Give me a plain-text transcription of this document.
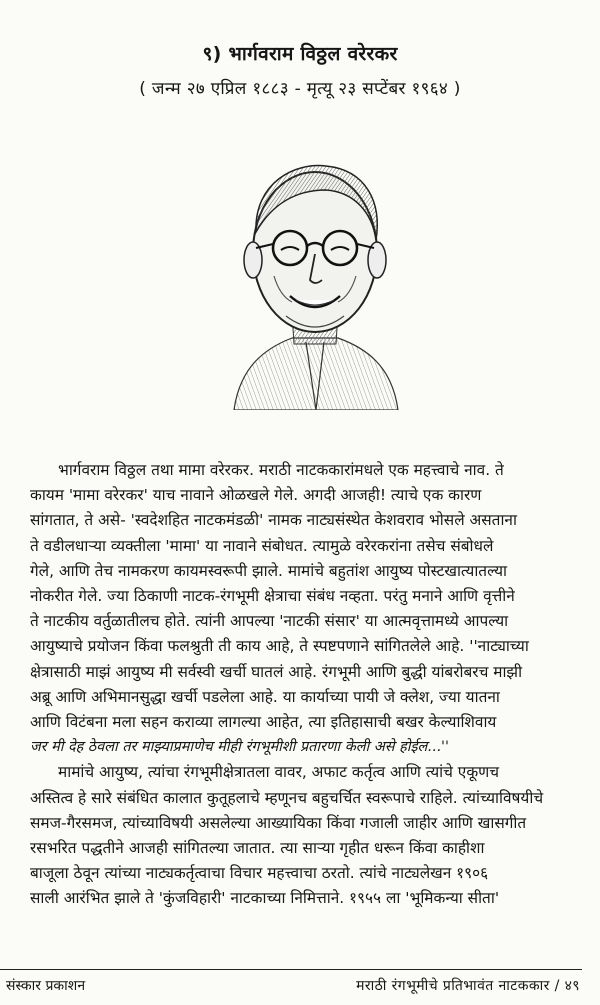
९) भार्गवराम विठ्ठल वरेरकर
( जन्म २७ एप्रिल १८८३ - मृत्यू २३ सप्टेंबर १९६४ )
भार्गवराम विठ्ठल तथा मामा वरेरकर. मराठी नाटककारांमधले एक महत्त्वाचे नाव. ते
कायम 'मामा वरेरकर' याच नावाने ओळखले गेले. अगदी आजही! त्याचे एक कारण
सांगतात, ते असे- 'स्वदेशहित नाटकमंडळी' नामक नाट्यसंस्थेत केशवराव भोसले असताना
ते वडीलधाऱ्या व्यक्तीला 'मामा' या नावाने संबोधत. त्यामुळे वरेरकरांना तसेच संबोधले
गेले, आणि तेच नामकरण कायमस्वरूपी झाले. मामांचे बहुतांश आयुष्य पोस्टखात्यातल्या
नोकरीत गेले. ज्या ठिकाणी नाटक-रंगभूमी क्षेत्राचा संबंध नव्हता. परंतु मनाने आणि वृत्तीने
ते नाटकीय वर्तुळातीलच होते. त्यांनी आपल्या 'नाटकी संसार' या आत्मवृत्तामध्ये आपल्या
आयुष्याचे प्रयोजन किंवा फलश्रुती ती काय आहे, ते स्पष्टपणाने सांगितलेले आहे. ''नाट्याच्या
क्षेत्रासाठी माझं आयुष्य मी सर्वस्वी खर्ची घातलं आहे. रंगभूमी आणि बुद्धी यांबरोबरच माझी
अब्रू आणि अभिमानसुद्धा खर्ची पडलेला आहे. या कार्याच्या पायी जे क्लेश, ज्या यातना
आणि विटंबना मला सहन कराव्या लागल्या आहेत, त्या इतिहासाची बखर केल्याशिवाय
जर मी देह ठेवला तर माझ्याप्रमाणेच मीही रंगभूमीशी प्रतारणा केली असे होईल...''
मामांचे आयुष्य, त्यांचा रंगभूमीक्षेत्रातला वावर, अफाट कर्तृत्व आणि त्यांचे एकूणच
अस्तित्व हे सारे संबंधित कालात कुतूहलाचे म्हणूनच बहुचर्चित स्वरूपाचे राहिले. त्यांच्याविषयीचे
समज-गैरसमज, त्यांच्याविषयी असलेल्या आख्यायिका किंवा गजाली जाहीर आणि खासगीत
रसभरित पद्धतीने आजही सांगितल्या जातात. त्या साऱ्या गृहीत धरून किंवा काहीशा
बाजूला ठेवून त्यांच्या नाट्यकर्तृत्वाचा विचार महत्त्वाचा ठरतो. त्यांचे नाट्यलेखन १९०६
साली आरंभित झाले ते 'कुंजविहारी' नाटकाच्या निमित्ताने. १९५५ ला 'भूमिकन्या सीता'
संस्कार प्रकाशन	मराठी रंगभूमीचे प्रतिभावंत नाटककार / ४९
